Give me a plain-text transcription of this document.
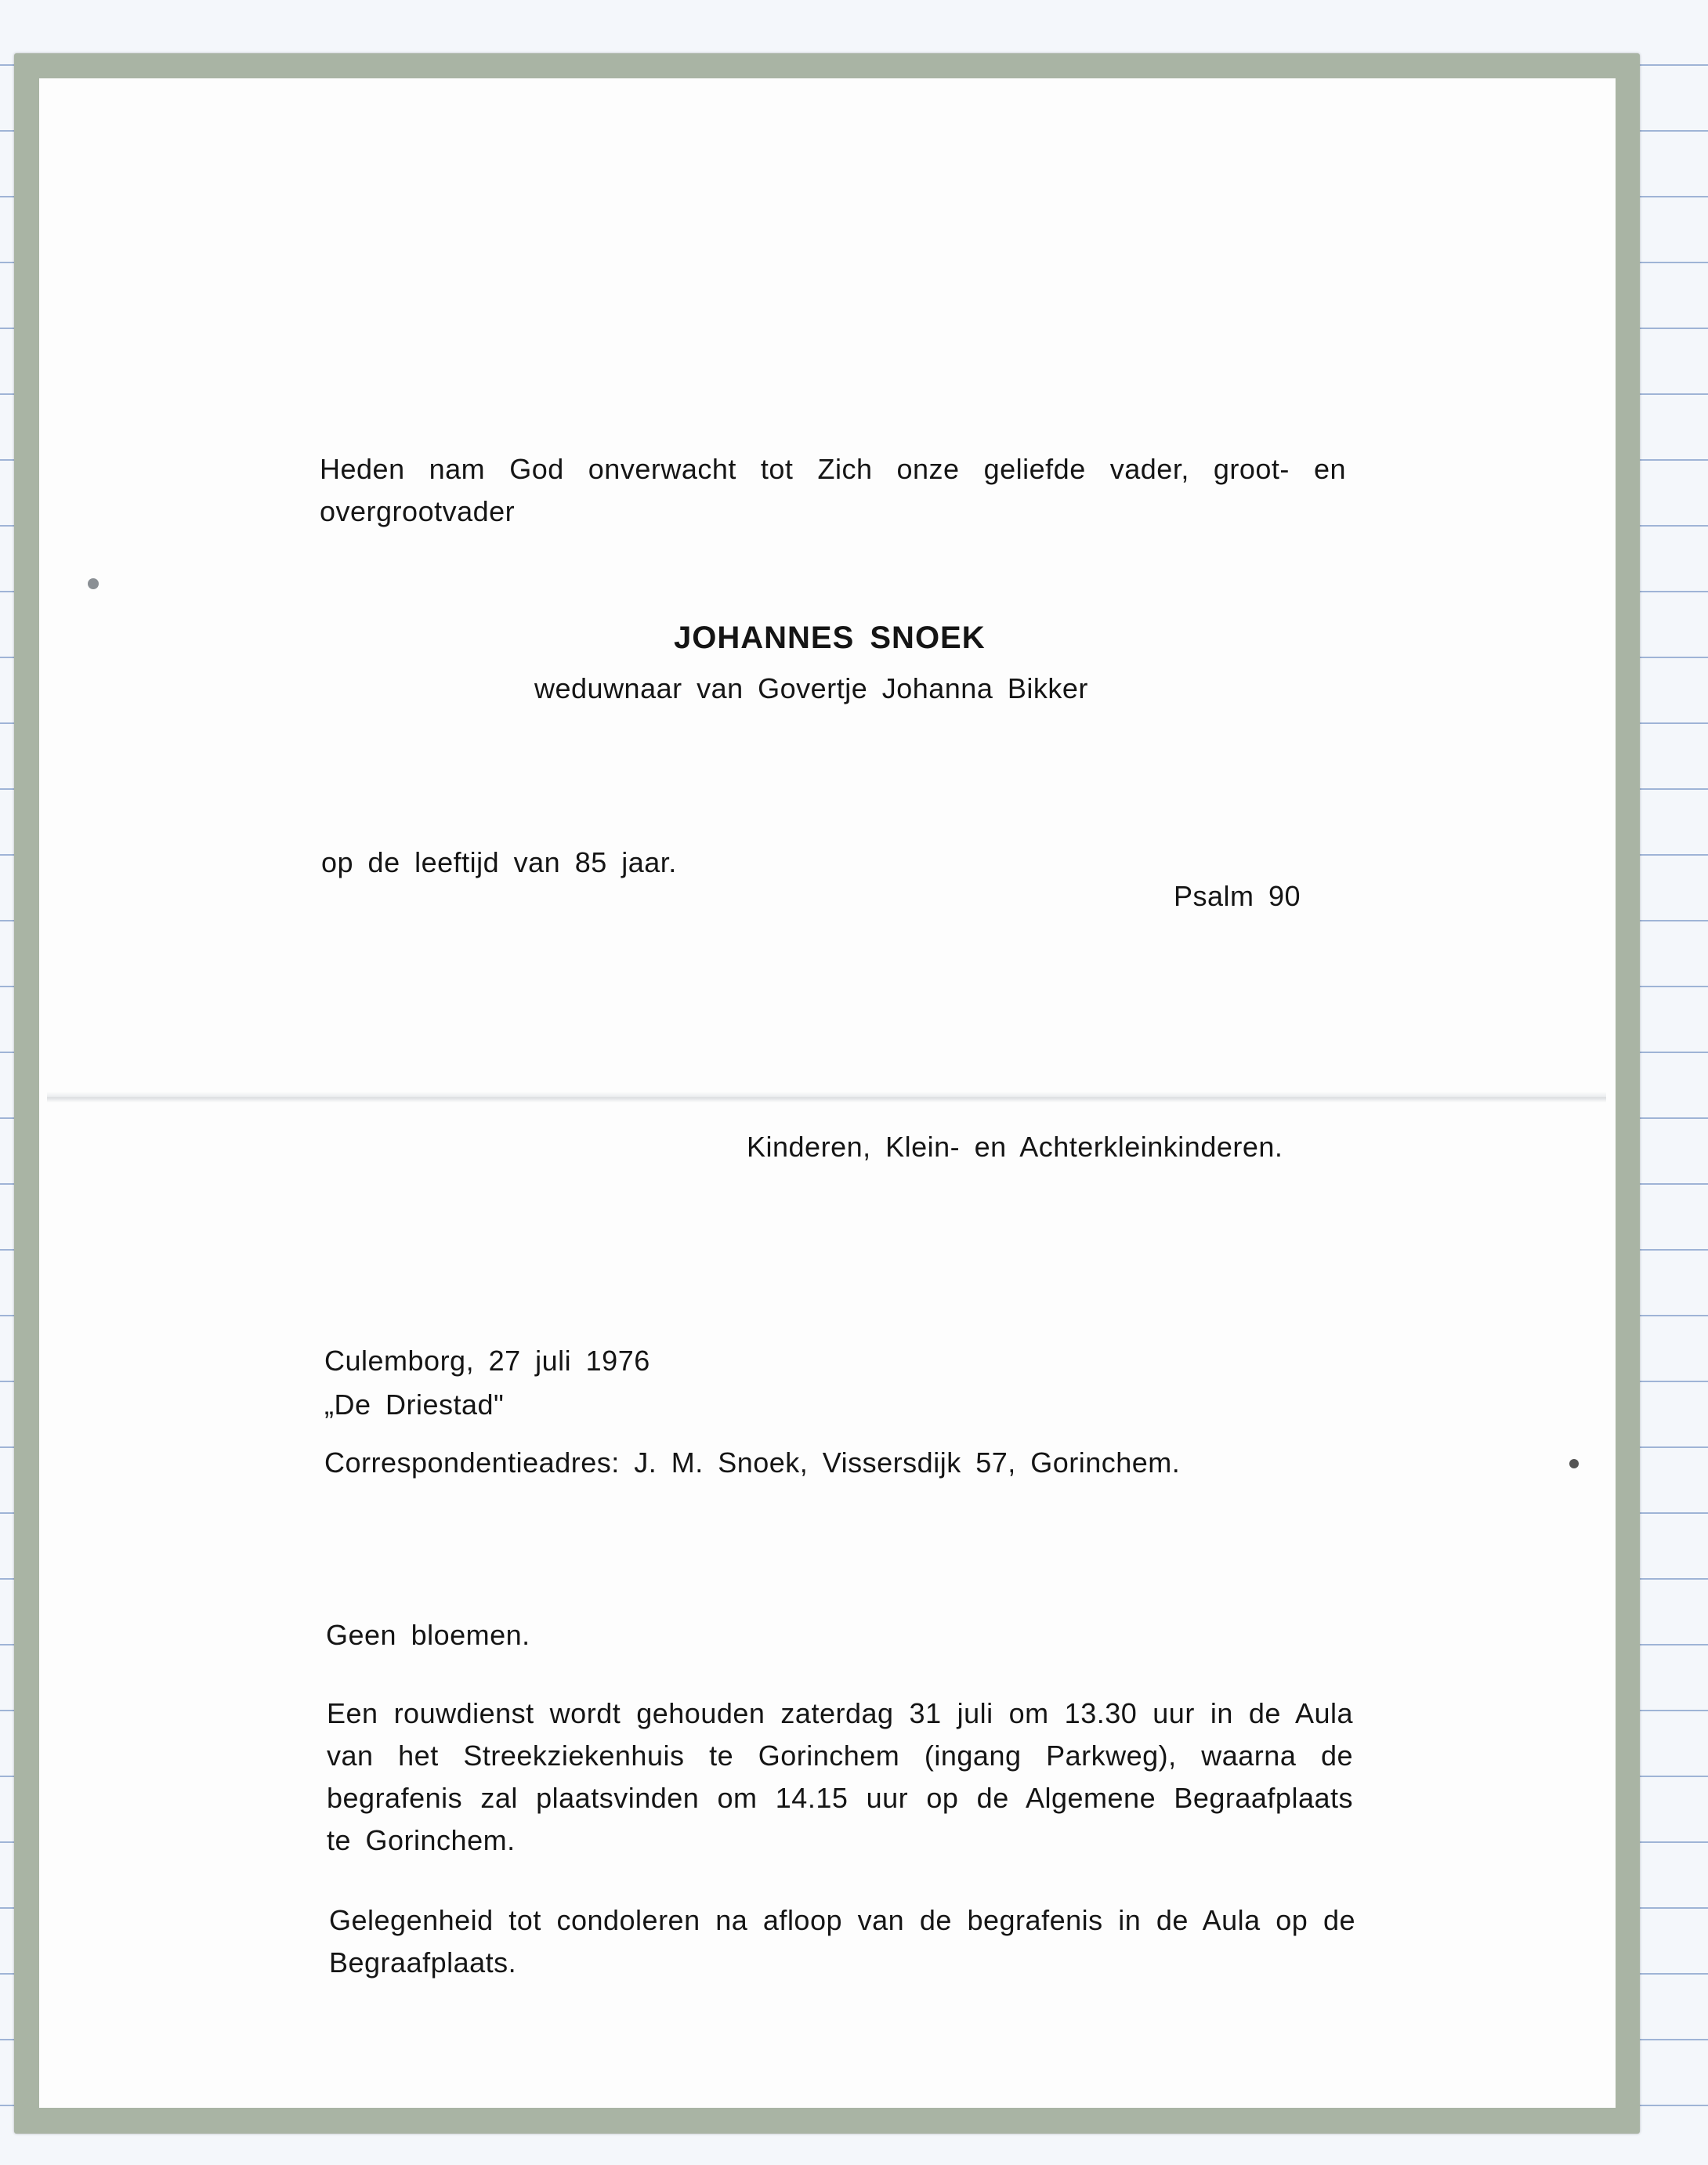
Heden nam God onverwacht tot Zich onze geliefde vader, groot- en overgrootvader

JOHANNES SNOEK

weduwnaar van Govertje Johanna Bikker

op de leeftijd van 85 jaar.

Psalm 90

Kinderen, Klein- en Achterkleinkinderen.

Culemborg, 27 juli 1976

„De Driestad"

Correspondentieadres: J. M. Snoek, Vissersdijk 57, Gorinchem.

Geen bloemen.

Een rouwdienst wordt gehouden zaterdag 31 juli om 13.30 uur in de Aula van het Streekziekenhuis te Gorinchem (ingang Parkweg), waarna de begrafenis zal plaatsvinden om 14.15 uur op de Algemene Begraafplaats te Gorinchem.

Gelegenheid tot condoleren na afloop van de begrafenis in de Aula op de Begraafplaats.
